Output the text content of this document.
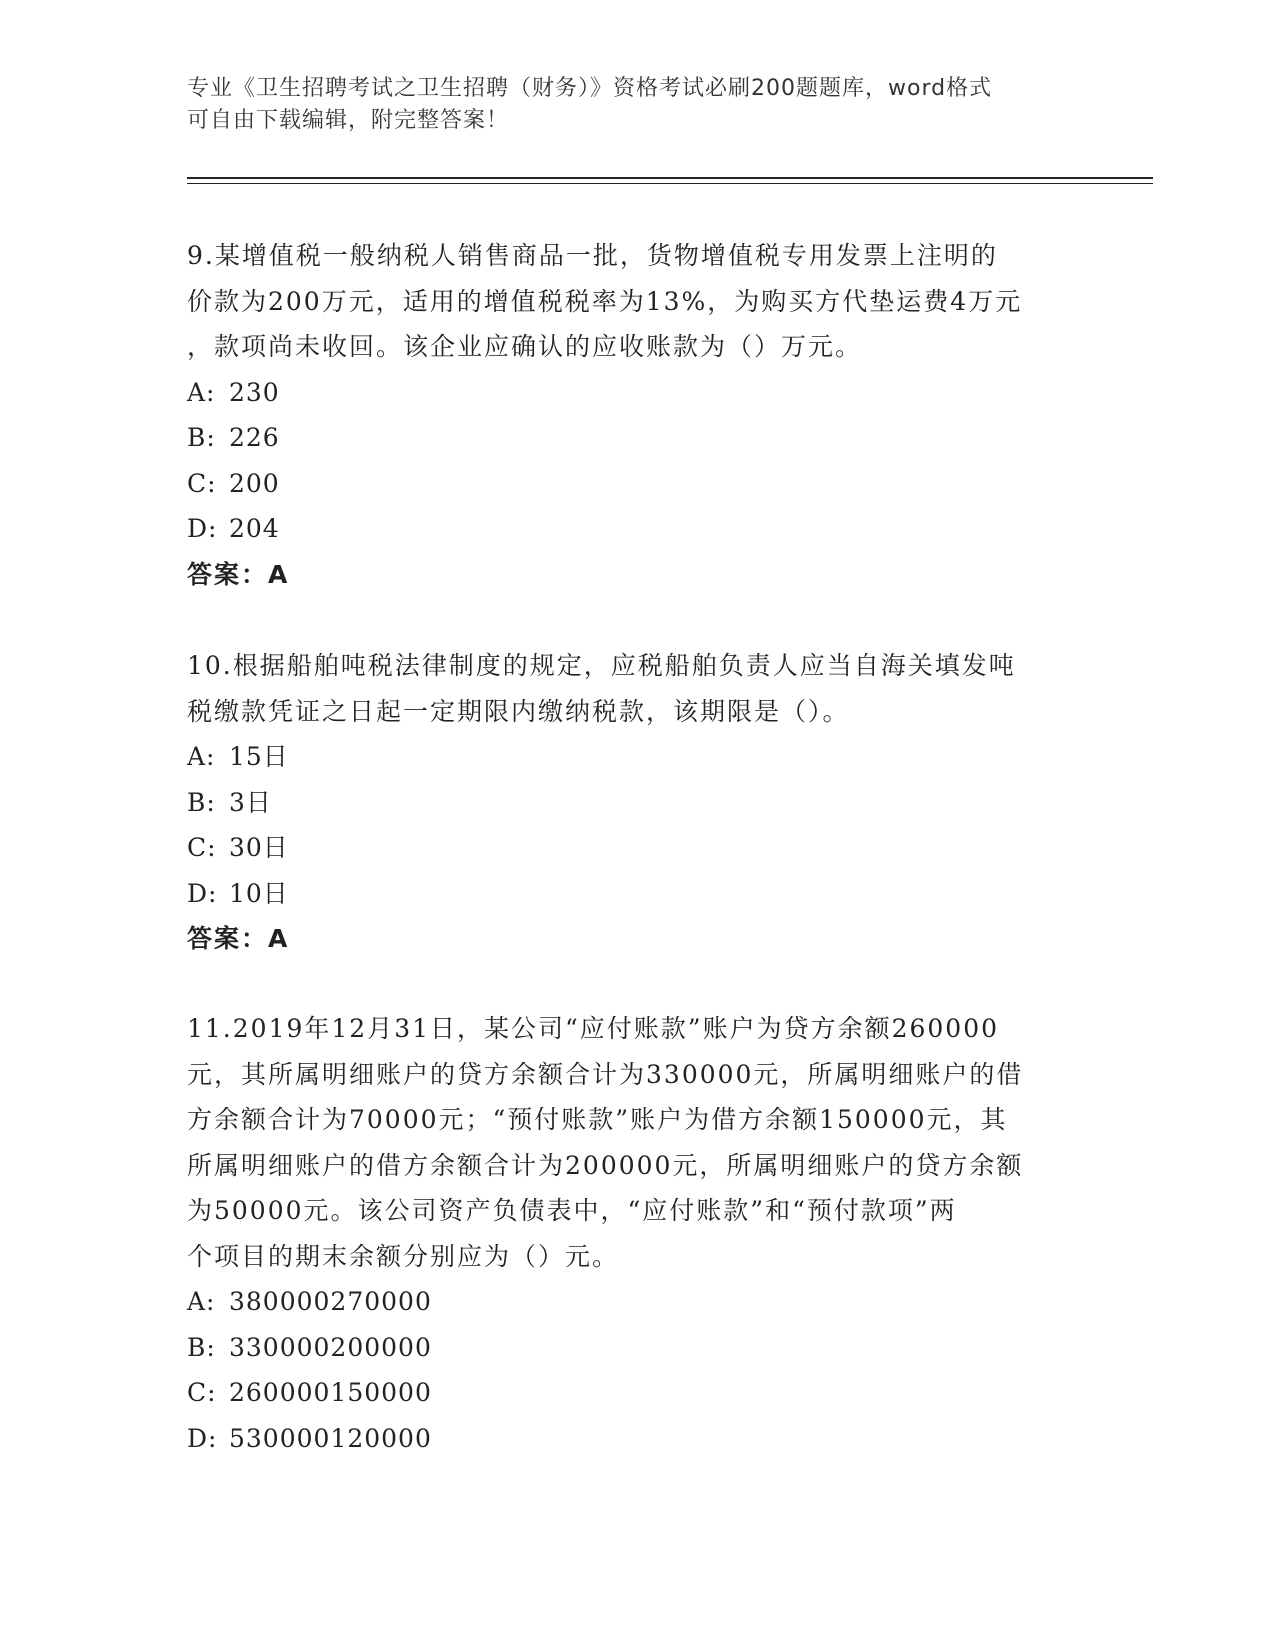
专业《卫生招聘考试之卫生招聘（财务）》资格考试必刷200题题库，word格式
可自由下载编辑，附完整答案！

9.某增值税一般纳税人销售商品一批，货物增值税专用发票上注明的

价款为200万元，适用的增值税税率为13%，为购买方代垫运费4万元

，款项尚未收回。该企业应确认的应收账款为（）万元。

A: 230

B: 226

C: 200

D: 204

答案：A

10.根据船舶吨税法律制度的规定，应税船舶负责人应当自海关填发吨

税缴款凭证之日起一定期限内缴纳税款，该期限是（）。

A: 15日

B: 3日

C: 30日

D: 10日

答案：A

11.2019年12月31日，某公司“应付账款”账户为贷方余额260000

元，其所属明细账户的贷方余额合计为330000元，所属明细账户的借

方余额合计为70000元；“预付账款”账户为借方余额150000元，其

所属明细账户的借方余额合计为200000元，所属明细账户的贷方余额

为50000元。该公司资产负债表中，“应付账款”和“预付款项”两

个项目的期末余额分别应为（）元。

A: 380000270000

B: 330000200000

C: 260000150000

D: 530000120000
